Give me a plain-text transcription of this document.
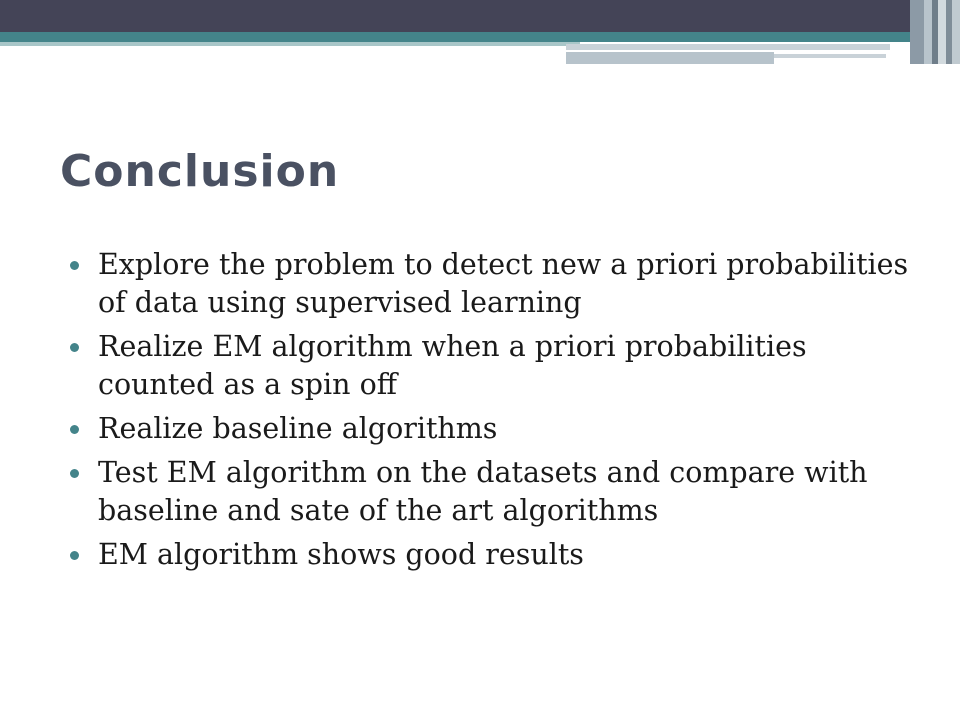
Conclusion
Explore the problem to detect new a priori probabilities of data using supervised learning
Realize EM algorithm when a priori probabilities counted as a spin off
Realize baseline algorithms
Test EM algorithm on the datasets and compare with baseline and sate of the art algorithms
EM algorithm shows good results
